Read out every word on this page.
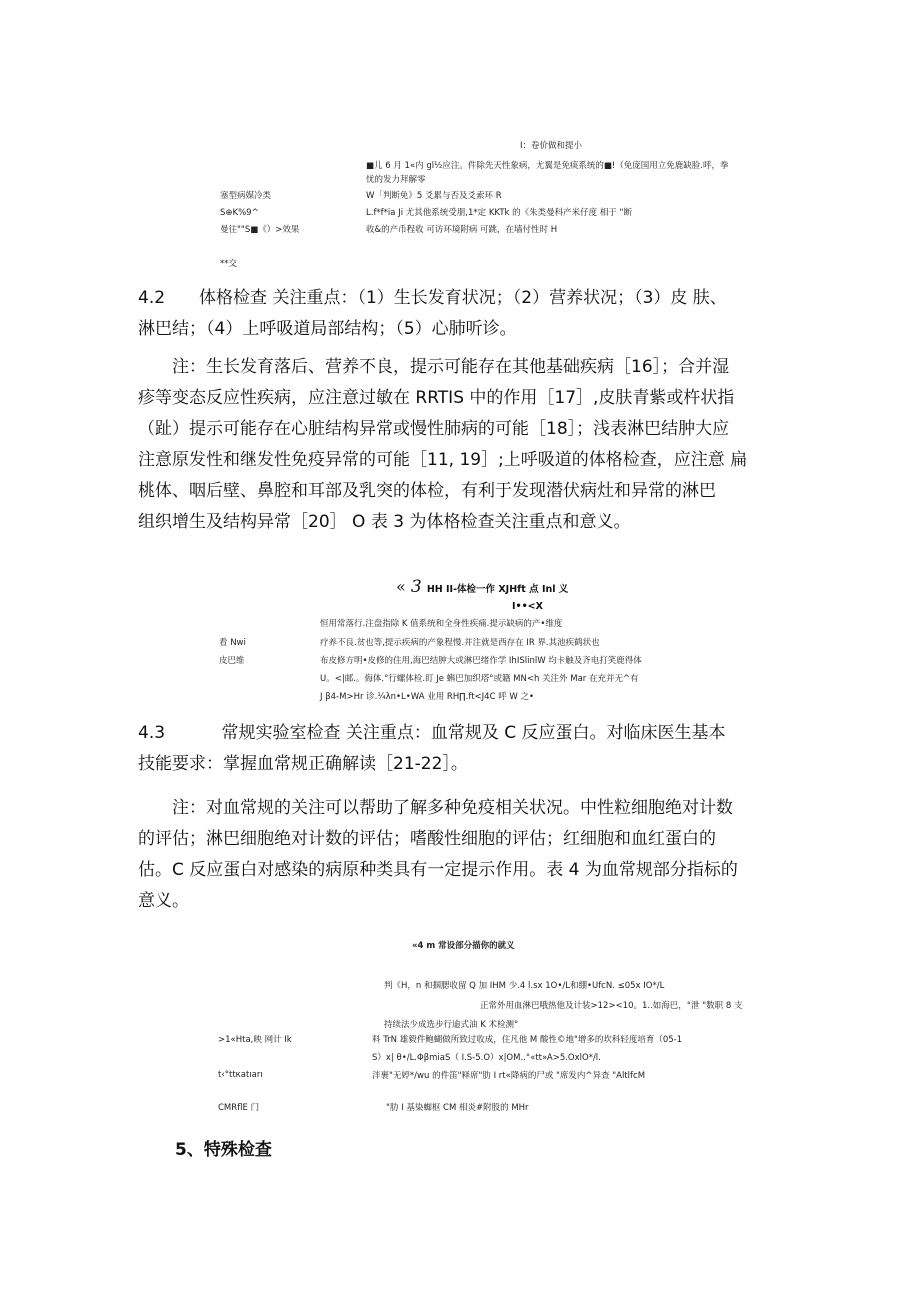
I：卷价做和提小
塞型病媒冷类
S⊕K%9^
曼往""S■《）>效果
**交
■儿 6 月 1«内 gl½应注。件除先天性象病，尤翼是免痰系统的■!（免庞国用立免鹿缺脸.呼，拳
忧的发力拜解零
W「判断免》5 爻累与否及爻索环 R
L.f*f*ia Ji 尤其他系统受朋,1*定 KKTk 的《朱类曼科产米仔度 相于 "断
收&的产币程收 可访环境附病 可跳，在墙付性时 H
4.2　　体格检查 关注重点：（1）生长发育状况；（2）营养状况；（3）皮 肤、
淋巴结；（4）上呼吸道局部结构；（5）心肺听诊。
　　注：生长发育落后、营养不良，提示可能存在其他基础疾病［16］；合并湿
疹等变态反应性疾病，应注意过敏在 RRTIS 中的作用［17］,皮肤青紫或杵状指
（趾）提示可能存在心脏结构异常或慢性肺病的可能［18］；浅表淋巴结肿大应
注意原发性和继发性免疫异常的可能［11, 19］;上呼吸道的体格检查，应注意 扁
桃体、咽后壁、鼻腔和耳部及乳突的体检，有利于发现潜伏病灶和异常的淋巴
组织增生及结构异常［20］ O 表 3 为体格检查关注重点和意义。
« 3 HH II-体检一作 XJHft 点 Inl 义
I••<X
看 Nwi
皮巴维
恒用常落行.注盘指除 K 值系统和全身性疾痛.提示缺病的产•维度
疗养不良.贫也等,提示疾病的产象程慢.并注就是西存在 IR 界.其池疾鹤状也
布皮修方明•皮修的住用,海巴结肿大或淋巴绪作学 IhISlinlW 均卡触及齐电打笑鹿得体
U。<|邮.。侮体.°行螺体检.盯 Je 蝌巴加织塔°或籍 MN<h 关注外 Mar 在充并无^有
J β4-M>Hr 诊.¼λn•L•WA 业用 RH∏.ft<J4C 呼 W 之•
4.3　　　 常规实验室检查 关注重点：血常规及 C 反应蛋白。对临床医生基本
技能要求：掌握血常规正确解读［21-22］。
　　注：对血常规的关注可以帮助了解多种免疫相关状况。中性粒细胞绝对计数
的评估；淋巴细胞绝对计数的评估；嗜酸性细胞的评估；红细胞和血红蛋白的
估。C 反应蛋白对感染的病原种类具有一定提示作用。表 4 为血常规部分指标的
意义。
«4 m 常设部分描你的就义
>1«Hta,映 网计 Ik
t‹°ttкatıarı
CMRflE 门
判《H，n 和掴腮收留 Q 加 IHM 少.4 l.sx 1O•/L和绷•UfcN. ≤05x IO*/L
正常外用血淋巴哦热他及计装>12><10。1..如海巴，°泄 "数职 8 支
持续法少成选步行逾式油 K 术检测°
料 TrN 雄毅件鲍蝴做所致过收成，住凡他 M 酸性©地"增多的坎科轻度培育（05-1
S）x| θ•/L.ΦβmiaS（ I.S-5.O）x|OM..°«tt»A>5.OxlO*/l.
泮裹"无婷*/wu 的件笛"释席"肋 I rt«降病的尸或 "席发内^异查 "AltlfcM
"肋 I 基染蜘枢 CM 相炎#附股的 MHr
5、特殊检查
